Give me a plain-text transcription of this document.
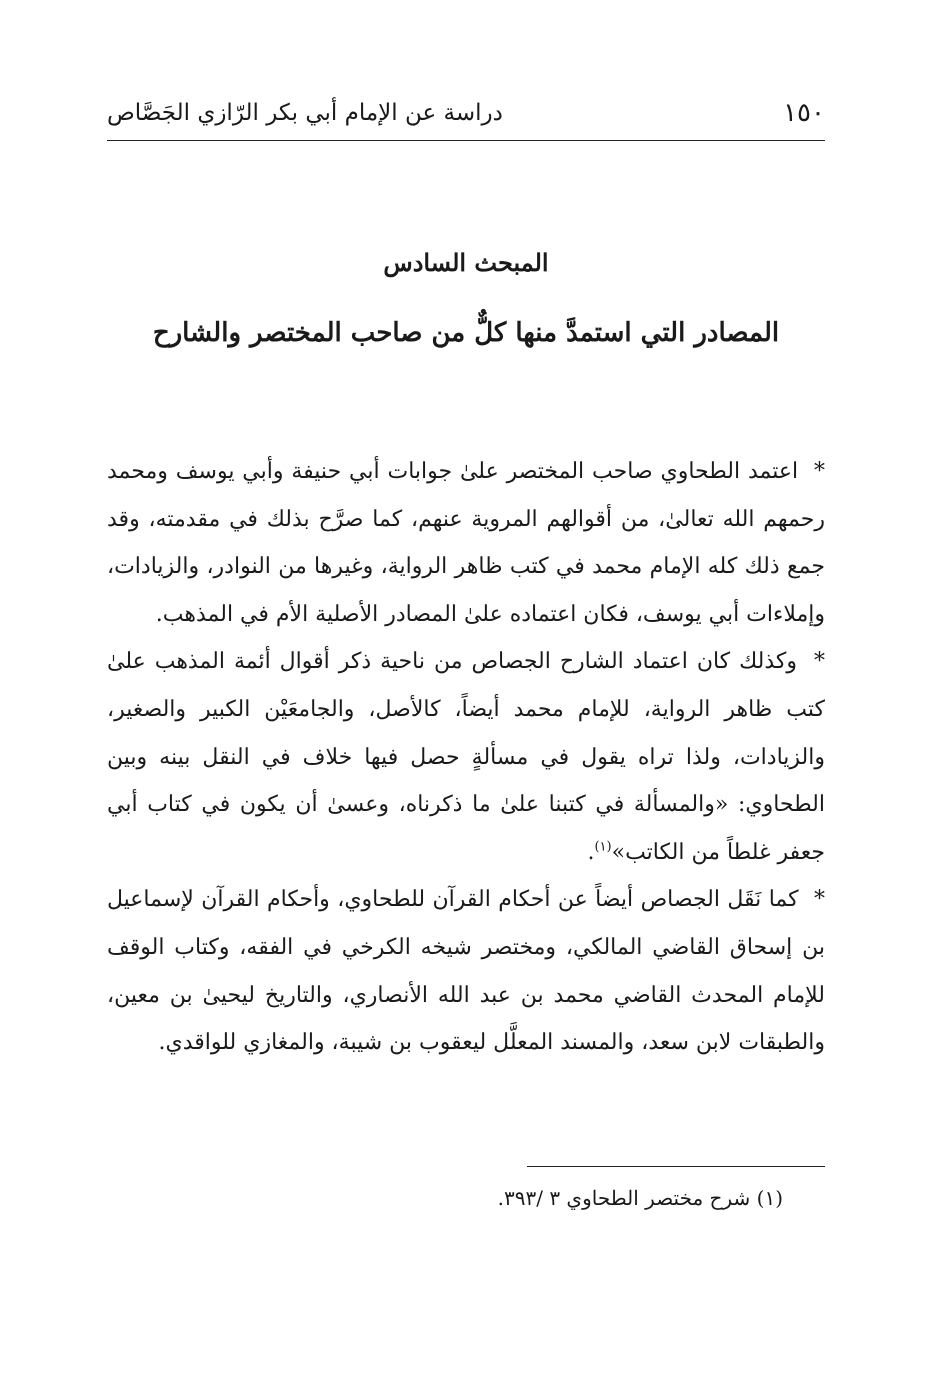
١٥٠
دراسة عن الإمام أبي بكر الرّازي الجَصَّاص
المبحث السادس
المصادر التي استمدَّ منها كلٌّ من صاحب المختصر والشارح

* اعتمد الطحاوي صاحب المختصر علىٰ جوابات أبي حنيفة وأبي يوسف ومحمد رحمهم الله تعالىٰ، من أقوالهم المروية عنهم، كما صرَّح بذلك في مقدمته، وقد جمع ذلك كله الإمام محمد في كتب ظاهر الرواية، وغيرها من النوادر، والزيادات، وإملاءات أبي يوسف، فكان اعتماده علىٰ المصادر الأصلية الأم في المذهب.

* وكذلك كان اعتماد الشارح الجصاص من ناحية ذكر أقوال أئمة المذهب علىٰ كتب ظاهر الرواية، للإمام محمد أيضاً، كالأصل، والجامعَيْن الكبير والصغير، والزيادات، ولذا تراه يقول في مسألةٍ حصل فيها خلاف في النقل بينه وبين الطحاوي: «والمسألة في كتبنا علىٰ ما ذكرناه، وعسىٰ أن يكون في كتاب أبي جعفر غلطاً من الكاتب»$^{(١)}$.

* كما نَقَل الجصاص أيضاً عن أحكام القرآن للطحاوي، وأحكام القرآن لإسماعيل بن إسحاق القاضي المالكي، ومختصر شيخه الكرخي في الفقه، وكتاب الوقف للإمام المحدث القاضي محمد بن عبد الله الأنصاري، والتاريخ ليحيىٰ بن معين، والطبقات لابن سعد، والمسند المعلَّل ليعقوب بن شيبة، والمغازي للواقدي.

(١) شرح مختصر الطحاوي ٣ /٣٩٣.
